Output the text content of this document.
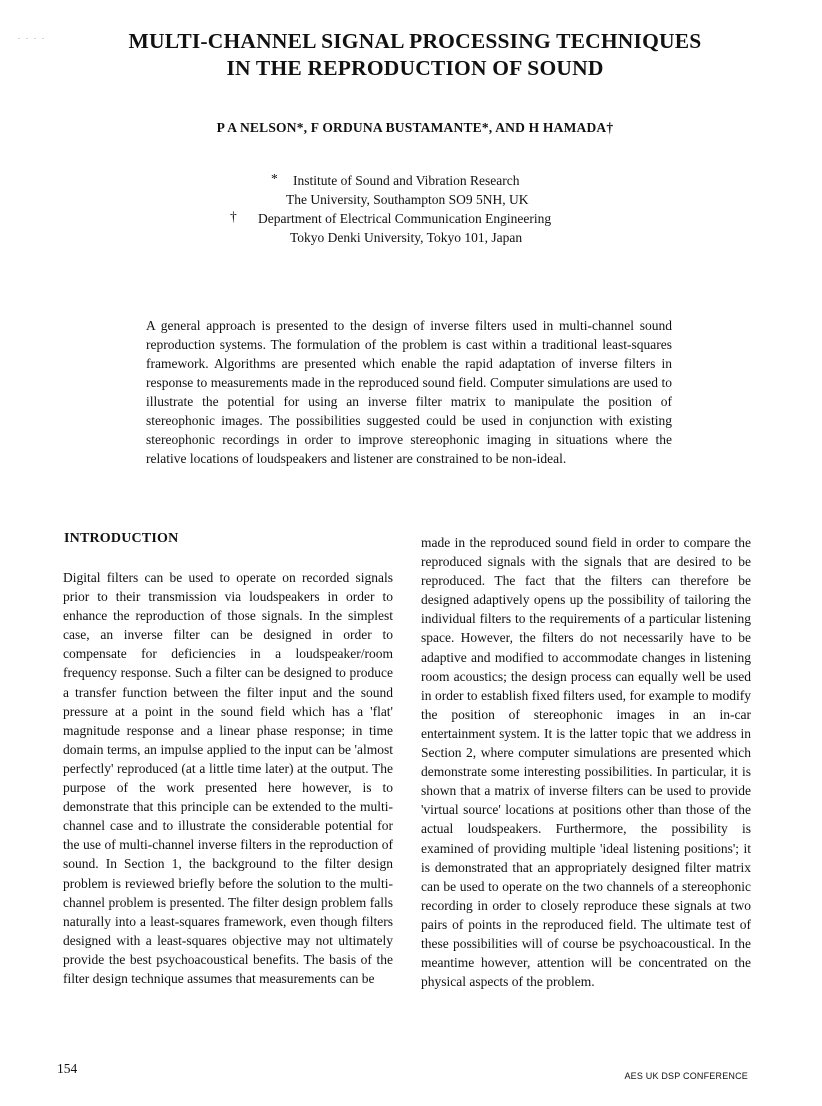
. . . .	MULTI-CHANNEL SIGNAL PROCESSING TECHNIQUES
IN THE REPRODUCTION OF SOUND
P A NELSON*, F ORDUNA BUSTAMANTE*, AND H HAMADA†
* Institute of Sound and Vibration Research
The University, Southampton SO9 5NH, UK
† Department of Electrical Communication Engineering
Tokyo Denki University, Tokyo 101, Japan

A general approach is presented to the design of inverse filters used in multi-channel sound reproduction systems. The formulation of the problem is cast within a traditional least-squares framework. Algorithms are presented which enable the rapid adaptation of inverse filters in response to measurements made in the reproduced sound field. Computer simulations are used to illustrate the potential for using an inverse filter matrix to manipulate the position of stereophonic images. The possibilities suggested could be used in conjunction with existing stereophonic recordings in order to improve stereophonic imaging in situations where the relative locations of loudspeakers and listener are constrained to be non-ideal.

INTRODUCTION

Digital filters can be used to operate on recorded signals prior to their transmission via loudspeakers in order to enhance the reproduction of those signals. In the simplest case, an inverse filter can be designed in order to compensate for deficiencies in a loudspeaker/room frequency response. Such a filter can be designed to produce a transfer function between the filter input and the sound pressure at a point in the sound field which has a 'flat' magnitude response and a linear phase response; in time domain terms, an impulse applied to the input can be 'almost perfectly' reproduced (at a little time later) at the output. The purpose of the work presented here however, is to demonstrate that this principle can be extended to the multi-channel case and to illustrate the considerable potential for the use of multi-channel inverse filters in the reproduction of sound. In Section 1, the background to the filter design problem is reviewed briefly before the solution to the multi-channel problem is presented. The filter design problem falls naturally into a least-squares framework, even though filters designed with a least-squares objective may not ultimately provide the best psychoacoustical benefits. The basis of the filter design technique assumes that measurements can be

made in the reproduced sound field in order to compare the reproduced signals with the signals that are desired to be reproduced. The fact that the filters can therefore be designed adaptively opens up the possibility of tailoring the individual filters to the requirements of a particular listening space. However, the filters do not necessarily have to be adaptive and modified to accommodate changes in listening room acoustics; the design process can equally well be used in order to establish fixed filters used, for example to modify the position of stereophonic images in an in-car entertainment system. It is the latter topic that we address in Section 2, where computer simulations are presented which demonstrate some interesting possibilities. In particular, it is shown that a matrix of inverse filters can be used to provide 'virtual source' locations at positions other than those of the actual loudspeakers. Furthermore, the possibility is examined of providing multiple 'ideal listening positions'; it is demonstrated that an appropriately designed filter matrix can be used to operate on the two channels of a stereophonic recording in order to closely reproduce these signals at two pairs of points in the reproduced field. The ultimate test of these possibilities will of course be psychoacoustical. In the meantime however, attention will be concentrated on the physical aspects of the problem.

154	AES UK DSP CONFERENCE
